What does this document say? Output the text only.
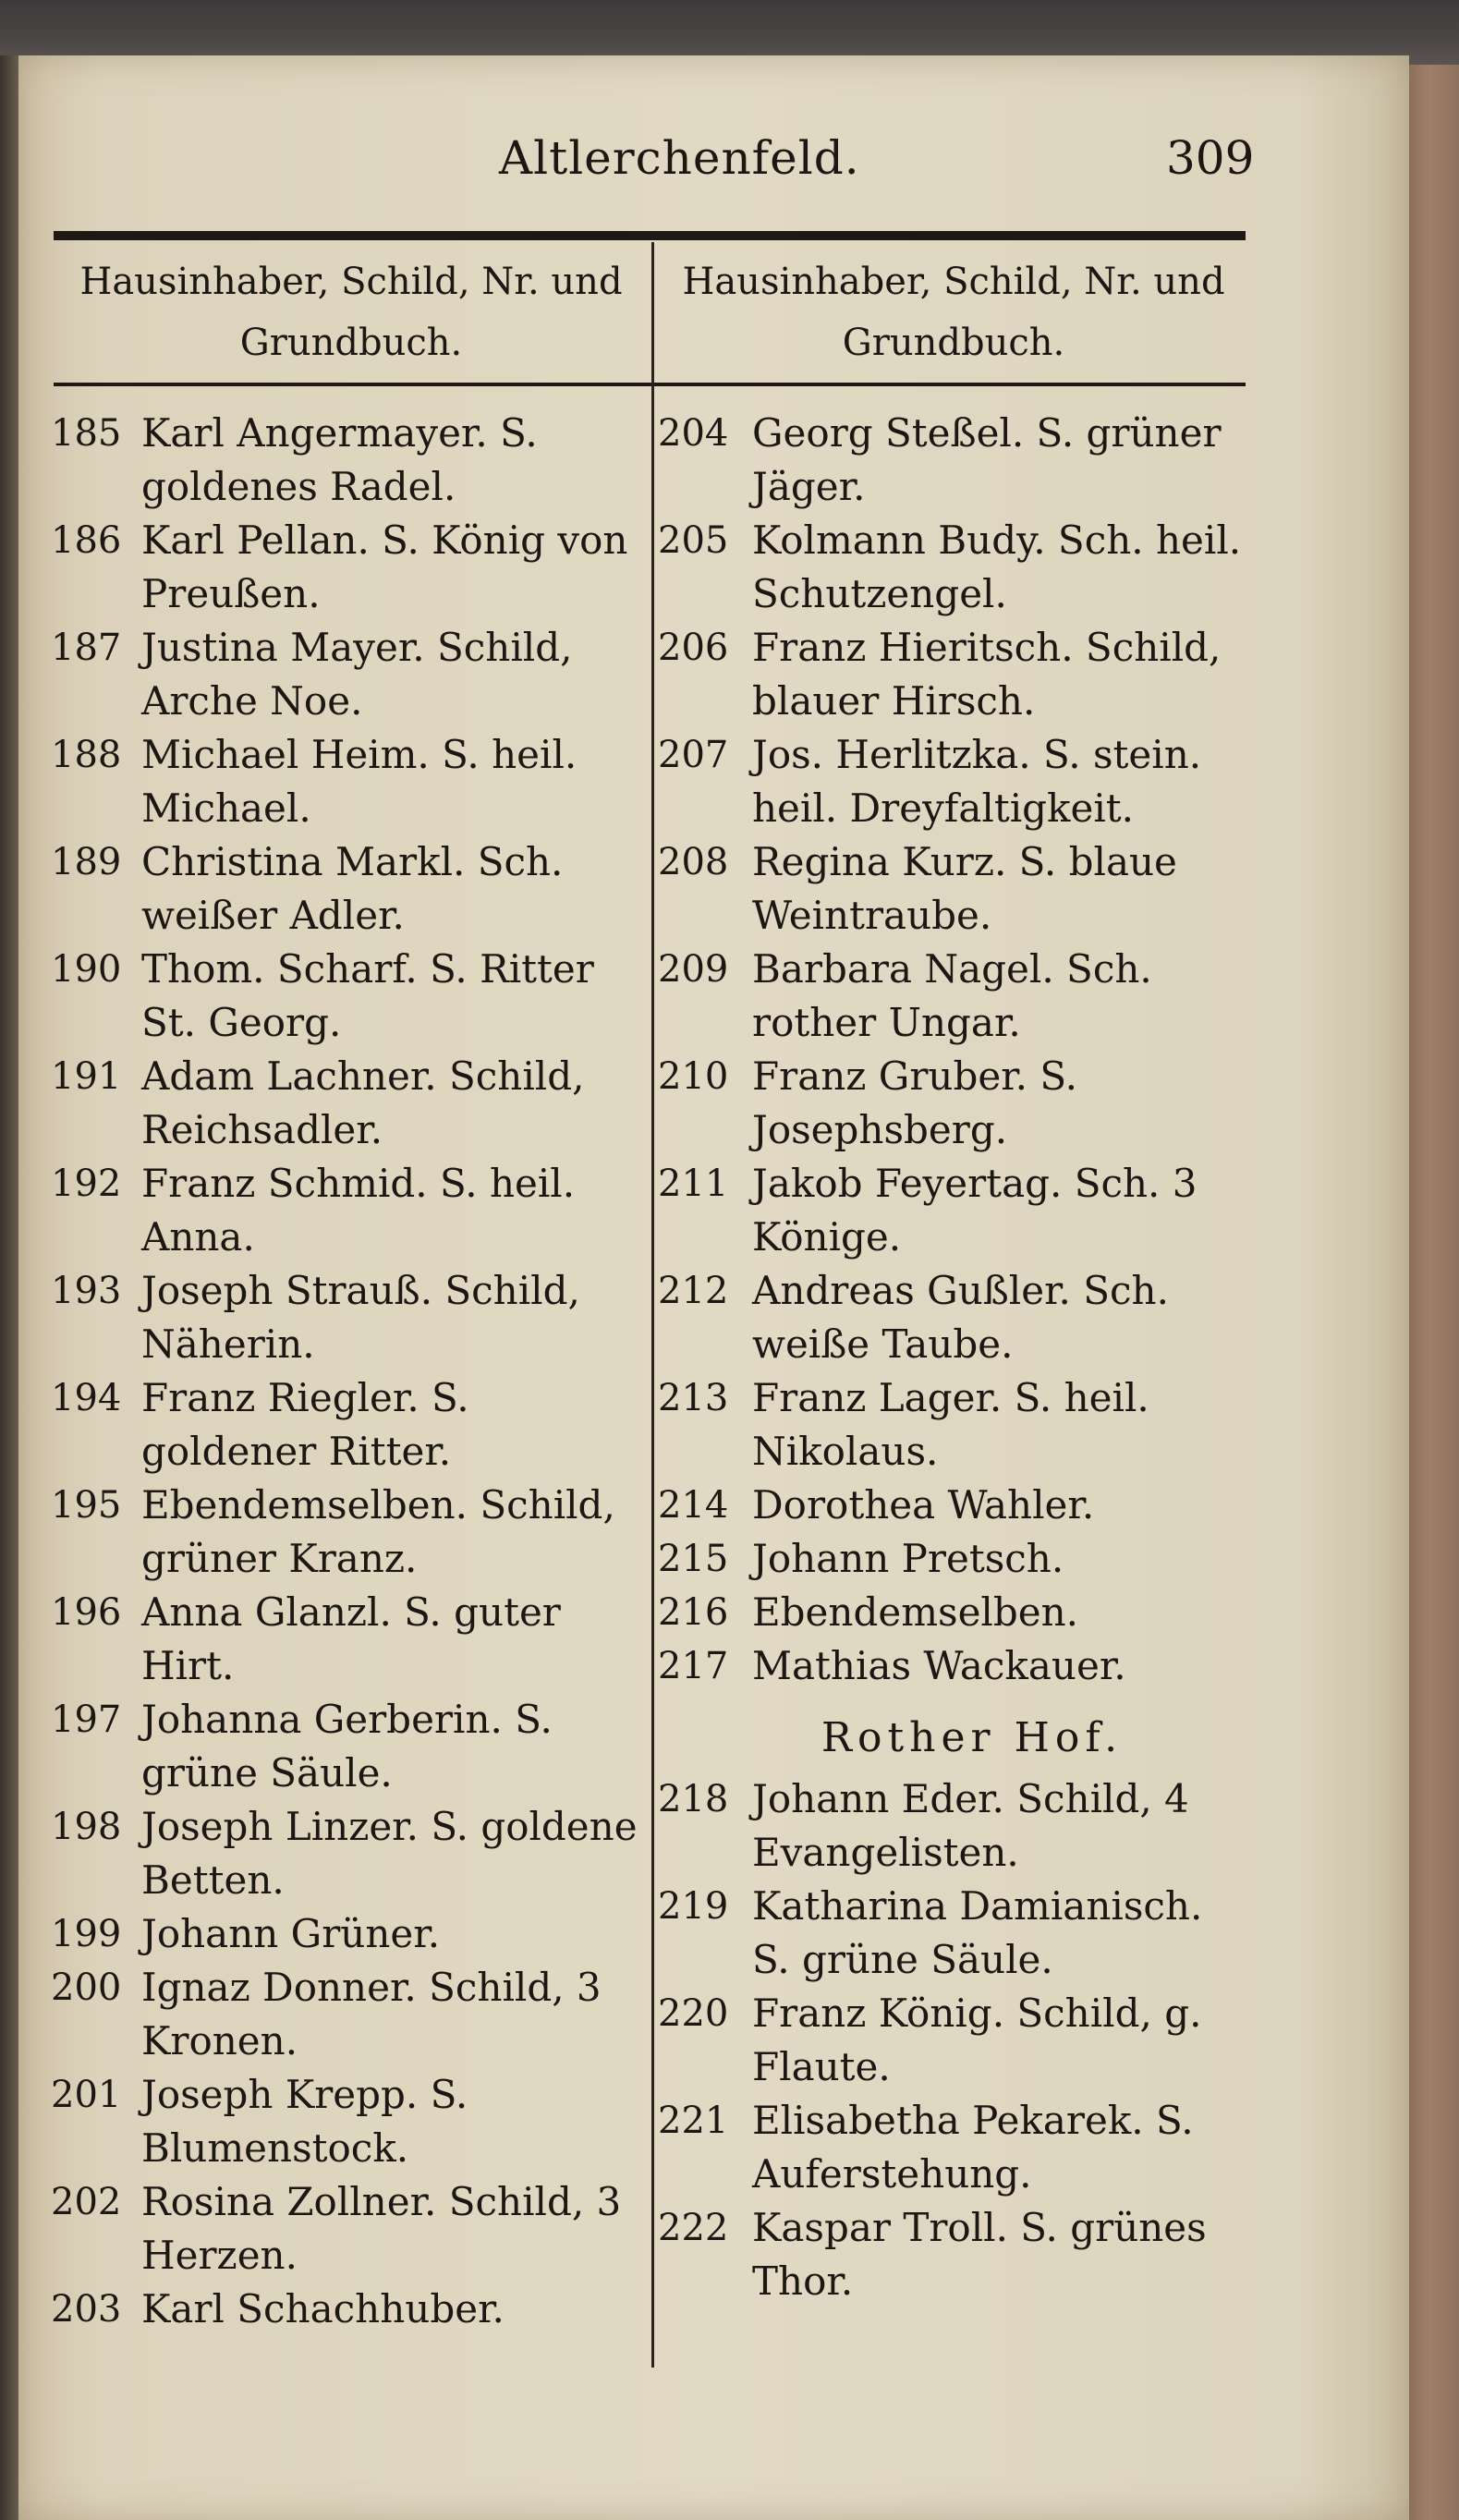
Altlerchenfeld.	309
Hausinhaber, Schild, Nr. und Grundbuch.
Hausinhaber, Schild, Nr. und Grundbuch.
185 Karl Angermayer. S. goldenes Radel.
186 Karl Pellan. S. König von Preußen.
187 Justina Mayer. Schild, Arche Noe.
188 Michael Heim. S. heil. Michael.
189 Christina Markl. Sch. weißer Adler.
190 Thom. Scharf. S. Ritter St. Georg.
191 Adam Lachner. Schild, Reichsadler.
192 Franz Schmid. S. heil. Anna.
193 Joseph Strauß. Schild, Näherin.
194 Franz Riegler. S. goldener Ritter.
195 Ebendemselben. Schild, grüner Kranz.
196 Anna Glanzl. S. guter Hirt.
197 Johanna Gerberin. S. grüne Säule.
198 Joseph Linzer. S. goldene Betten.
199 Johann Grüner.
200 Ignaz Donner. Schild, 3 Kronen.
201 Joseph Krepp. S. Blumenstock.
202 Rosina Zollner. Schild, 3 Herzen.
203 Karl Schachhuber.
204 Georg Steßel. S. grüner Jäger.
205 Kolmann Budy. Sch. heil. Schutzengel.
206 Franz Hieritsch. Schild, blauer Hirsch.
207 Jos. Herlitzka. S. stein. heil. Dreyfaltigkeit.
208 Regina Kurz. S. blaue Weintraube.
209 Barbara Nagel. Sch. rother Ungar.
210 Franz Gruber. S. Josephsberg.
211 Jakob Feyertag. Sch. 3 Könige.
212 Andreas Gußler. Sch. weiße Taube.
213 Franz Lager. S. heil. Nikolaus.
214 Dorothea Wahler.
215 Johann Pretsch.
216 Ebendemselben.
217 Mathias Wackauer.
Rother Hof.
218 Johann Eder. Schild, 4 Evangelisten.
219 Katharina Damianisch. S. grüne Säule.
220 Franz König. Schild, g. Flaute.
221 Elisabetha Pekarek. S. Auferstehung.
222 Kaspar Troll. S. grünes Thor.
